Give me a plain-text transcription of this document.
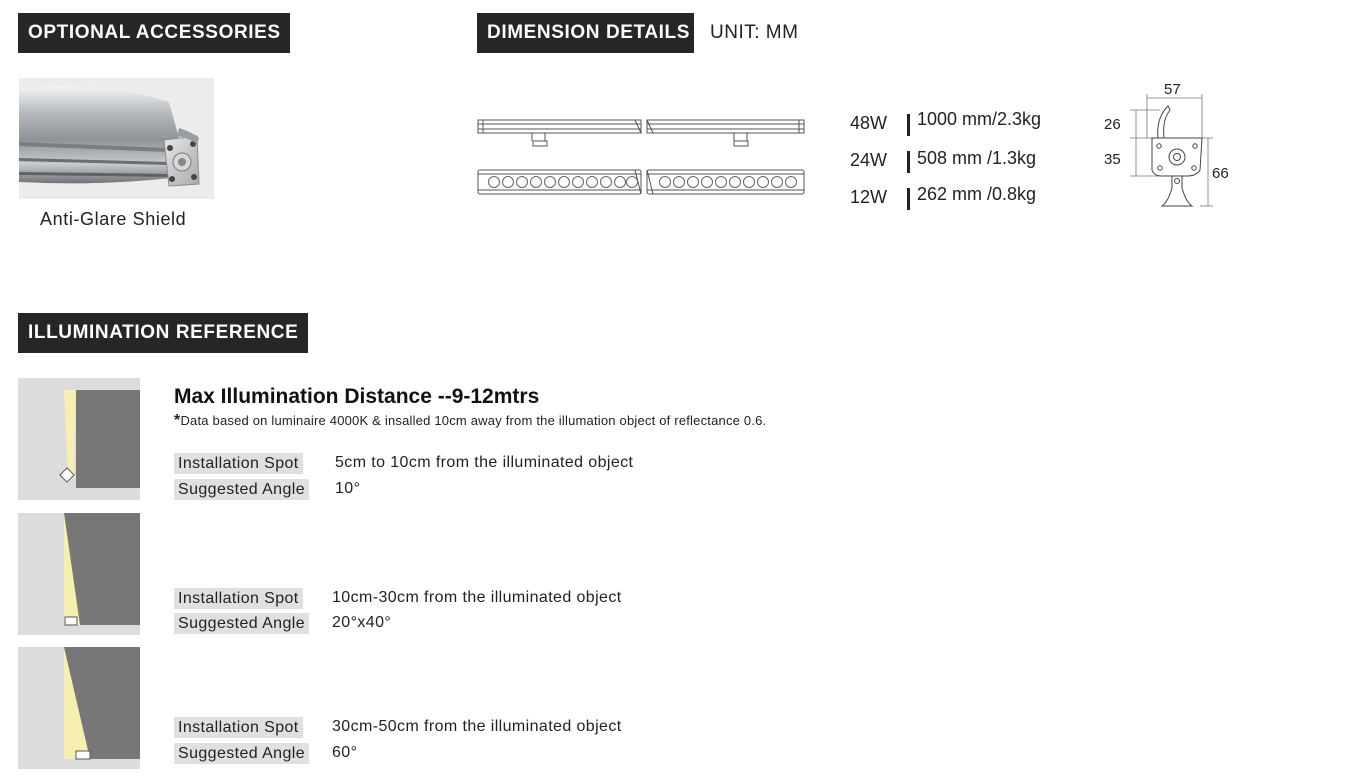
OPTIONAL ACCESSORIES
Anti-Glare Shield
DIMENSION DETAILS UNIT: MM
48W 1000 mm/2.3kg
24W 508 mm /1.3kg
12W 262 mm /0.8kg
57
26
35
66
ILLUMINATION REFERENCE
Max Illumination Distance --9-12mtrs
*Data based on luminaire 4000K & insalled 10cm away from the illumation object of reflectance 0.6.
Installation Spot 5cm to 10cm from the illuminated object
Suggested Angle 10°
Installation Spot 10cm-30cm from the illuminated object
Suggested Angle 20°x40°
Installation Spot 30cm-50cm from the illuminated object
Suggested Angle 60°
